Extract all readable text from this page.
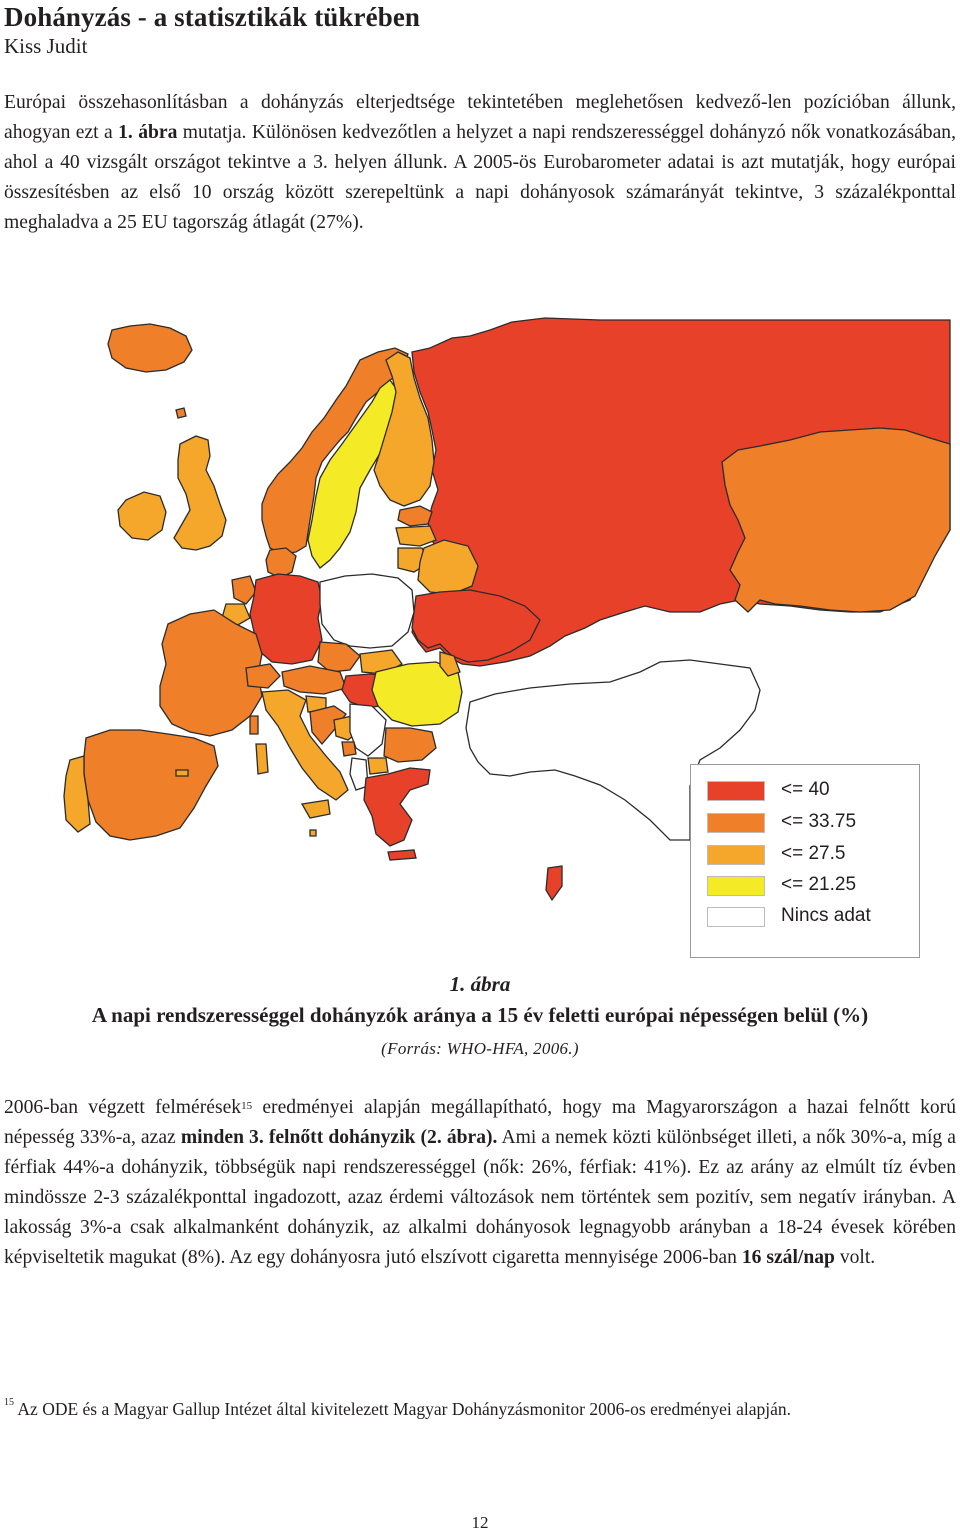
Dohányzás - a statisztikák tükrében
Kiss Judit
Európai összehasonlításban a dohányzás elterjedtsége tekintetében meglehetősen kedvező-len pozícióban állunk, ahogyan ezt a 1. ábra mutatja. Különösen kedvezőtlen a helyzet a napi rendszerességgel dohányzó nők vonatkozásában, ahol a 40 vizsgált országot tekintve a 3. helyen állunk. A 2005-ös Eurobarometer adatai is azt mutatják, hogy európai összesítésben az első 10 ország között szerepeltünk a napi dohányosok számarányát tekintve, 3 százalékponttal meghaladva a 25 EU tagország átlagát (27%).
<= 40
<= 33.75
<= 27.5
<= 21.25
Nincs adat
1. ábra
A napi rendszerességgel dohányzók aránya a 15 év feletti európai népességen belül (%)
(Forrás: WHO-HFA, 2006.)
2006-ban végzett felmérések$^{15}$ eredményei alapján megállapítható, hogy ma Magyarországon a hazai felnőtt korú népesség 33%-a, azaz minden 3. felnőtt dohányzik (2. ábra). Ami a nemek közti különbséget illeti, a nők 30%-a, míg a férfiak 44%-a dohányzik, többségük napi rendszerességgel (nők: 26%, férfiak: 41%). Ez az arány az elmúlt tíz évben mindössze 2-3 százalékponttal ingadozott, azaz érdemi változások nem történtek sem pozitív, sem negatív irányban. A lakosság 3%-a csak alkalmanként dohányzik, az alkalmi dohányosok legnagyobb arányban a 18-24 évesek körében képviseltetik magukat (8%). Az egy dohányosra jutó elszívott cigaretta mennyisége 2006-ban 16 szál/nap volt.
$^{15}$ Az ODE és a Magyar Gallup Intézet által kivitelezett Magyar Dohányzásmonitor 2006-os eredményei alapján.
12
